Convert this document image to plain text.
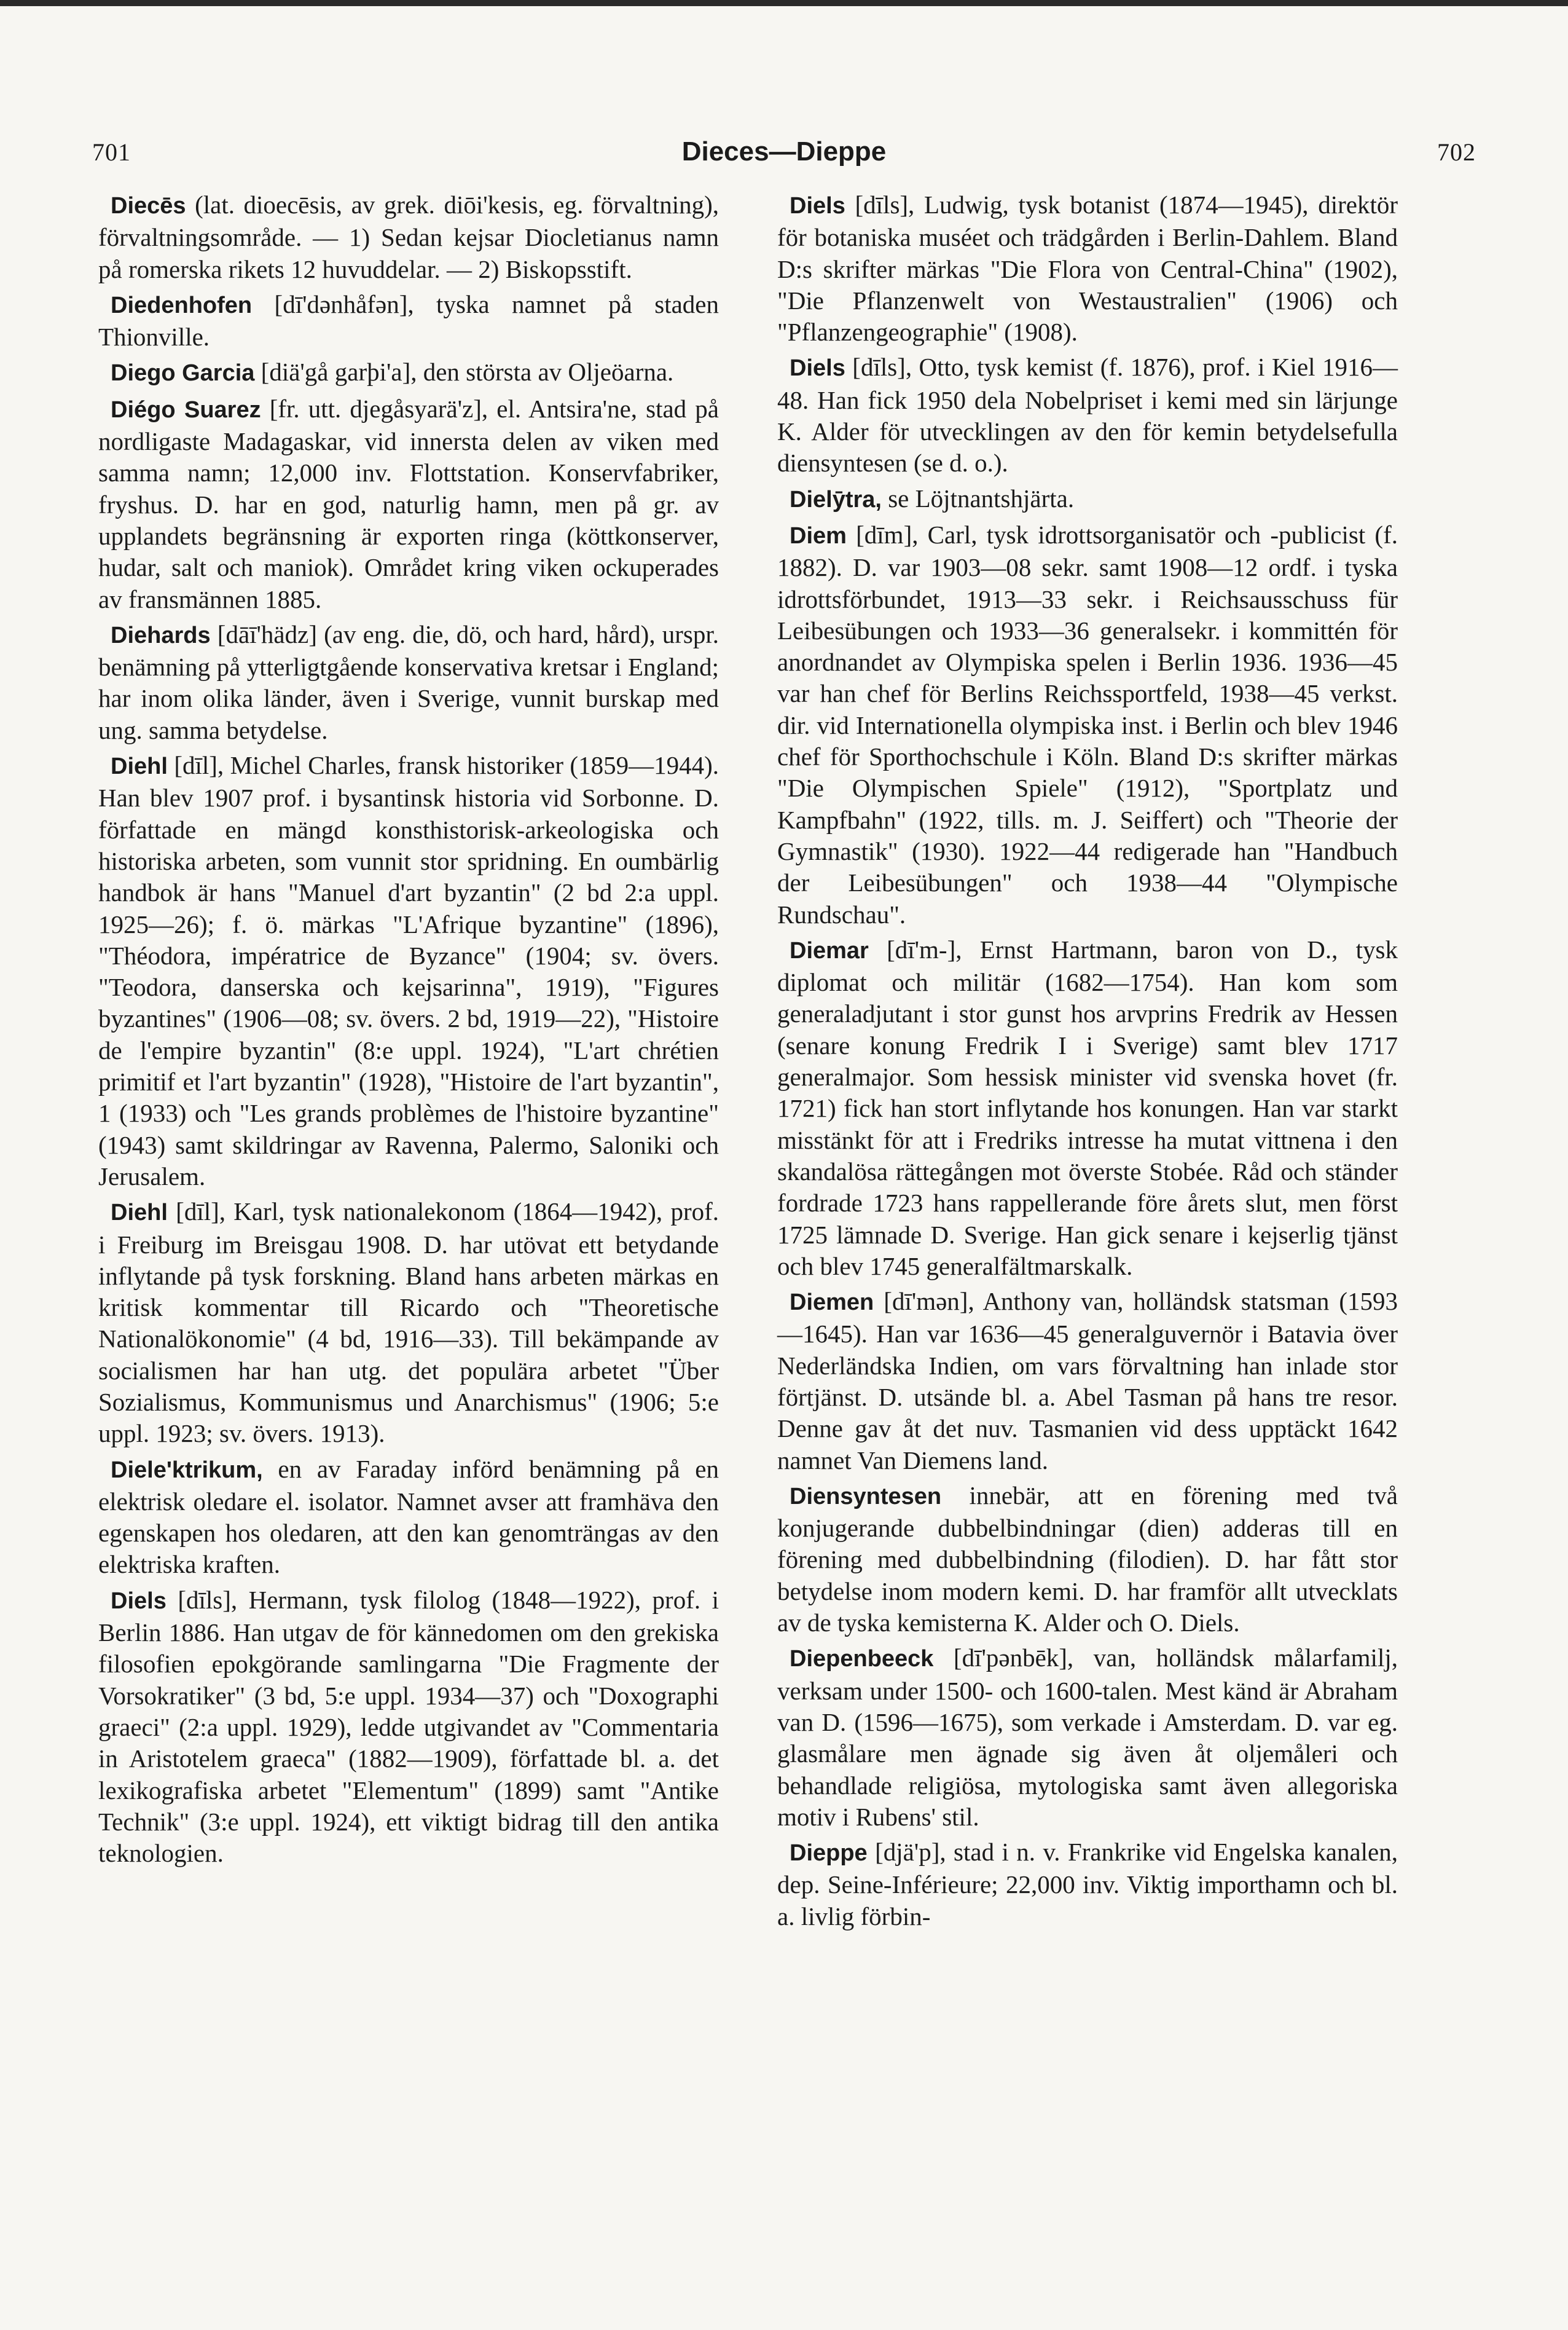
701	Dieces—Dieppe	702

Diecēs (lat. dioecēsis, av grek. diōi'kesis, eg. förvaltning), förvaltningsområde. — 1) Sedan kejsar Diocletianus namn på romerska rikets 12 huvuddelar. — 2) Biskopsstift.

Diedenhofen [dī'dənhåfən], tyska namnet på staden Thionville.

Diego Garcia [diä'gå garþi'a], den största av Oljeöarna.

Diégo Suarez [fr. utt. djegåsyarä'z], el. Antsira'ne, stad på nordligaste Madagaskar, vid innersta delen av viken med samma namn; 12,000 inv. Flottstation. Konservfabriker, fryshus. D. har en god, naturlig hamn, men på gr. av upplandets begränsning är exporten ringa (köttkonserver, hudar, salt och maniok). Området kring viken ockuperades av fransmännen 1885.

Diehards [dāī'hädz] (av eng. die, dö, och hard, hård), urspr. benämning på ytterligtgående konservativa kretsar i England; har inom olika länder, även i Sverige, vunnit burskap med ung. samma betydelse.

Diehl [dīl], Michel Charles, fransk historiker (1859—1944). Han blev 1907 prof. i bysantinsk historia vid Sorbonne. D. författade en mängd konsthistorisk-arkeologiska och historiska arbeten, som vunnit stor spridning. En oumbärlig handbok är hans "Manuel d'art byzantin" (2 bd 2:a uppl. 1925—26); f. ö. märkas "L'Afrique byzantine" (1896), "Théodora, impératrice de Byzance" (1904; sv. övers. "Teodora, danserska och kejsarinna", 1919), "Figures byzantines" (1906—08; sv. övers. 2 bd, 1919—22), "Histoire de l'empire byzantin" (8:e uppl. 1924), "L'art chrétien primitif et l'art byzantin" (1928), "Histoire de l'art byzantin", 1 (1933) och "Les grands problèmes de l'histoire byzantine" (1943) samt skildringar av Ravenna, Palermo, Saloniki och Jerusalem.

Diehl [dīl], Karl, tysk nationalekonom (1864—1942), prof. i Freiburg im Breisgau 1908. D. har utövat ett betydande inflytande på tysk forskning. Bland hans arbeten märkas en kritisk kommentar till Ricardo och "Theoretische Nationalökonomie" (4 bd, 1916—33). Till bekämpande av socialismen har han utg. det populära arbetet "Über Sozialismus, Kommunismus und Anarchismus" (1906; 5:e uppl. 1923; sv. övers. 1913).

Diele'ktrikum, en av Faraday införd benämning på en elektrisk oledare el. isolator. Namnet avser att framhäva den egenskapen hos oledaren, att den kan genomträngas av den elektriska kraften.

Diels [dīls], Hermann, tysk filolog (1848—1922), prof. i Berlin 1886. Han utgav de för kännedomen om den grekiska filosofien epokgörande samlingarna "Die Fragmente der Vorsokratiker" (3 bd, 5:e uppl. 1934—37) och "Doxographi graeci" (2:a uppl. 1929), ledde utgivandet av "Commentaria in Aristotelem graeca" (1882—1909), författade bl. a. det lexikografiska arbetet "Elementum" (1899) samt "Antike Technik" (3:e uppl. 1924), ett viktigt bidrag till den antika teknologien.

Diels [dīls], Ludwig, tysk botanist (1874—1945), direktör för botaniska muséet och trädgården i Berlin-Dahlem. Bland D:s skrifter märkas "Die Flora von Central-China" (1902), "Die Pflanzenwelt von Westaustralien" (1906) och "Pflanzengeographie" (1908).

Diels [dīls], Otto, tysk kemist (f. 1876), prof. i Kiel 1916—48. Han fick 1950 dela Nobelpriset i kemi med sin lärjunge K. Alder för utvecklingen av den för kemin betydelsefulla diensyntesen (se d. o.).

Dielȳtra, se Löjtnantshjärta.

Diem [dīm], Carl, tysk idrottsorganisatör och -publicist (f. 1882). D. var 1903—08 sekr. samt 1908—12 ordf. i tyska idrottsförbundet, 1913—33 sekr. i Reichsausschuss für Leibesübungen och 1933—36 generalsekr. i kommittén för anordnandet av Olympiska spelen i Berlin 1936. 1936—45 var han chef för Berlins Reichssportfeld, 1938—45 verkst. dir. vid Internationella olympiska inst. i Berlin och blev 1946 chef för Sporthochschule i Köln. Bland D:s skrifter märkas "Die Olympischen Spiele" (1912), "Sportplatz und Kampfbahn" (1922, tills. m. J. Seiffert) och "Theorie der Gymnastik" (1930). 1922—44 redigerade han "Handbuch der Leibesübungen" och 1938—44 "Olympische Rundschau".

Diemar [dī'm-], Ernst Hartmann, baron von D., tysk diplomat och militär (1682—1754). Han kom som generaladjutant i stor gunst hos arvprins Fredrik av Hessen (senare konung Fredrik I i Sverige) samt blev 1717 generalmajor. Som hessisk minister vid svenska hovet (fr. 1721) fick han stort inflytande hos konungen. Han var starkt misstänkt för att i Fredriks intresse ha mutat vittnena i den skandalösa rättegången mot överste Stobée. Råd och ständer fordrade 1723 hans rappellerande före årets slut, men först 1725 lämnade D. Sverige. Han gick senare i kejserlig tjänst och blev 1745 generalfältmarskalk.

Diemen [dī'mən], Anthony van, holländsk statsman (1593—1645). Han var 1636—45 generalguvernör i Batavia över Nederländska Indien, om vars förvaltning han inlade stor förtjänst. D. utsände bl. a. Abel Tasman på hans tre resor. Denne gav åt det nuv. Tasmanien vid dess upptäckt 1642 namnet Van Diemens land.

Diensyntesen innebär, att en förening med två konjugerande dubbelbindningar (dien) adderas till en förening med dubbelbindning (filodien). D. har fått stor betydelse inom modern kemi. D. har framför allt utvecklats av de tyska kemisterna K. Alder och O. Diels.

Diepenbeeck [dī'pənbēk], van, holländsk målarfamilj, verksam under 1500- och 1600-talen. Mest känd är Abraham van D. (1596—1675), som verkade i Amsterdam. D. var eg. glasmålare men ägnade sig även åt oljemåleri och behandlade religiösa, mytologiska samt även allegoriska motiv i Rubens' stil.

Dieppe [djä'p], stad i n. v. Frankrike vid Engelska kanalen, dep. Seine-Inférieure; 22,000 inv. Viktig importhamn och bl. a. livlig förbin-
